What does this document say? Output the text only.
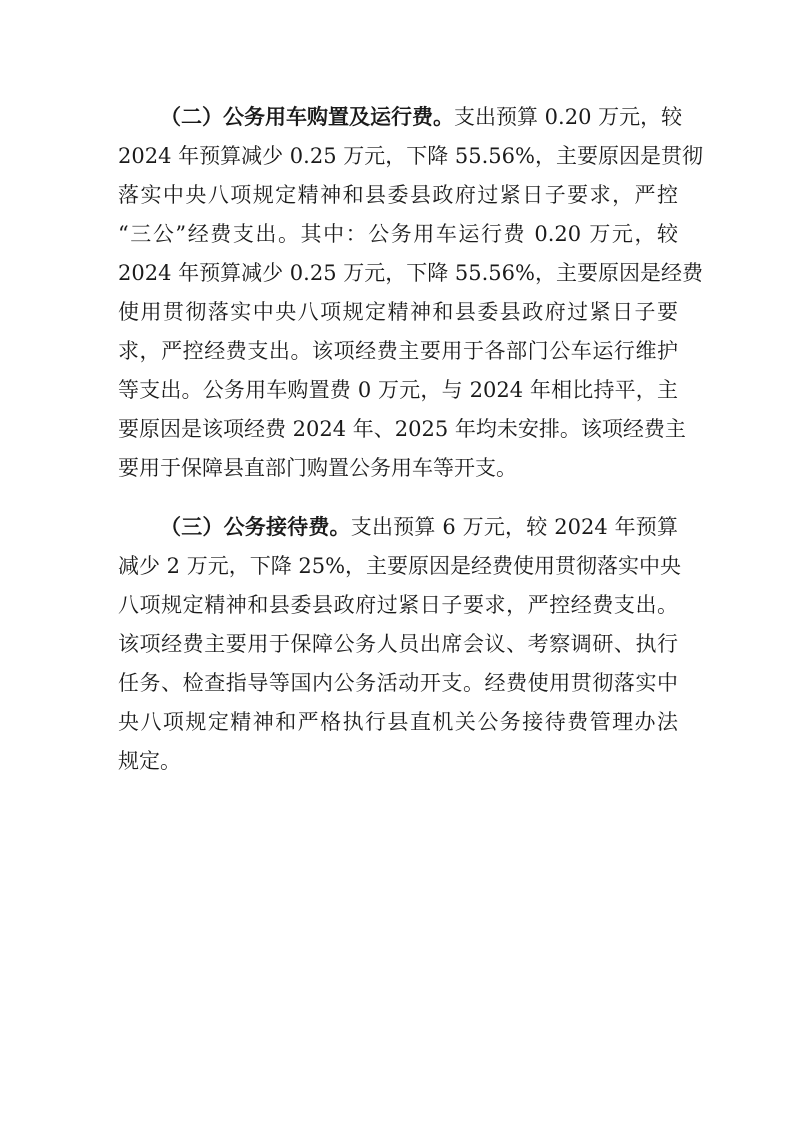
（二）公务用车购置及运行费。支出预算 0.20 万元，较
2024 年预算减少 0.25 万元，下降 55.56%，主要原因是贯彻
落实中央八项规定精神和县委县政府过紧日子要求，严控
“三公”经费支出。其中：公务用车运行费 0.20 万元，较
2024 年预算减少 0.25 万元，下降 55.56%，主要原因是经费
使用贯彻落实中央八项规定精神和县委县政府过紧日子要
求，严控经费支出。该项经费主要用于各部门公车运行维护
等支出。公务用车购置费 0 万元，与 2024 年相比持平，主
要原因是该项经费 2024 年、2025 年均未安排。该项经费主
要用于保障县直部门购置公务用车等开支。
（三）公务接待费。支出预算 6 万元，较 2024 年预算
减少 2 万元，下降 25%，主要原因是经费使用贯彻落实中央
八项规定精神和县委县政府过紧日子要求，严控经费支出。
该项经费主要用于保障公务人员出席会议、考察调研、执行
任务、检查指导等国内公务活动开支。经费使用贯彻落实中
央八项规定精神和严格执行县直机关公务接待费管理办法
规定。
